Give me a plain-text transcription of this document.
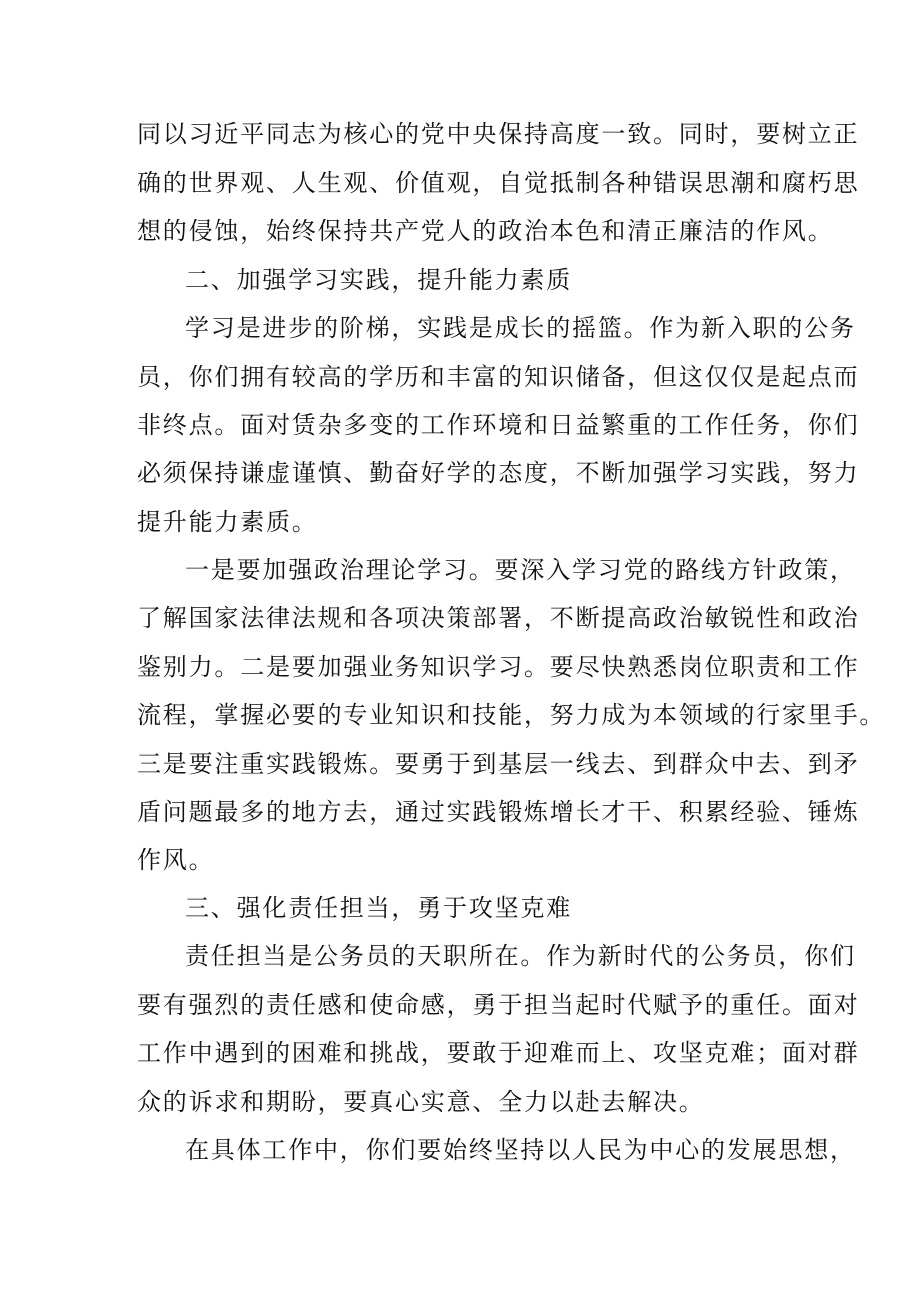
同以习近平同志为核心的党中央保持高度一致。同时，要树立正
确的世界观、人生观、价值观，自觉抵制各种错误思潮和腐朽思
想的侵蚀，始终保持共产党人的政治本色和清正廉洁的作风。
二、加强学习实践，提升能力素质
学习是进步的阶梯，实践是成长的摇篮。作为新入职的公务
员，你们拥有较高的学历和丰富的知识储备，但这仅仅是起点而
非终点。面对赁杂多变的工作环境和日益繁重的工作任务，你们
必须保持谦虚谨慎、勤奋好学的态度，不断加强学习实践，努力
提升能力素质。
一是要加强政治理论学习。要深入学习党的路线方针政策，
了解国家法律法规和各项决策部署，不断提高政治敏锐性和政治
鉴别力。二是要加强业务知识学习。要尽快熟悉岗位职责和工作
流程，掌握必要的专业知识和技能，努力成为本领域的行家里手。
三是要注重实践锻炼。要勇于到基层一线去、到群众中去、到矛
盾问题最多的地方去，通过实践锻炼增长才干、积累经验、锤炼
作风。
三、强化责任担当，勇于攻坚克难
责任担当是公务员的天职所在。作为新时代的公务员，你们
要有强烈的责任感和使命感，勇于担当起时代赋予的重任。面对
工作中遇到的困难和挑战，要敢于迎难而上、攻坚克难；面对群
众的诉求和期盼，要真心实意、全力以赴去解决。
在具体工作中，你们要始终坚持以人民为中心的发展思想，
